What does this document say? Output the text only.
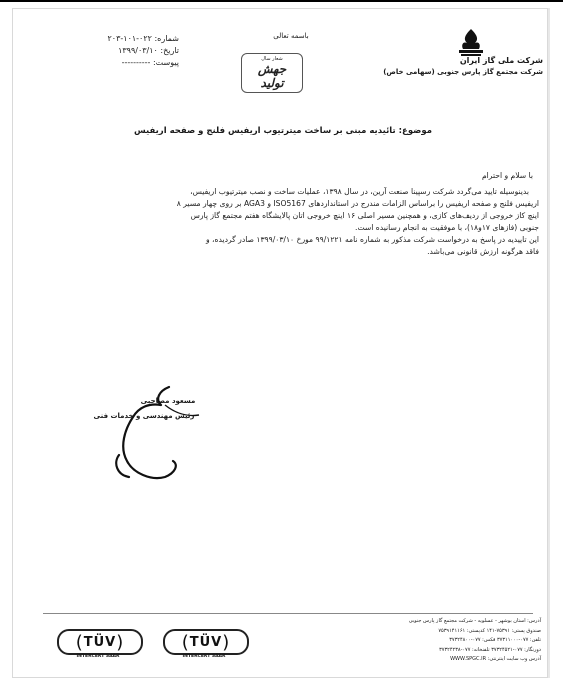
شماره: ۰۲۲-۱۰۱-۲۰۳
تاریخ: ۱۳۹۹/۰۳/۱۰
پیوست: ----------
باسمه تعالی
شعار سال
جهش تولید
شرکت ملی گاز ایران
شرکت مجتمع گاز پارس جنوبی (سهامی خاص)
موضوع: تائیدیه مبنی بر ساخت میترتیوب اریفیس فلنج و صفحه اریفیس
با سلام و احترام
بدینوسیله تایید می‌گردد شرکت رسپینا صنعت آرین، در سال ۱۳۹۸، عملیات ساخت و نصب میترتیوب اریفیس،
اریفیس فلنج و صفحه اریفیس را براساس الزامات مندرج در استانداردهای ISO5167 و AGA3 بر روی چهار مسیر ۸
اینچ کاز خروجی از ردیف‌های کازی، و همچنین مسیر اصلی ۱۶ اینچ خروجی اتان پالایشگاه هفتم مجتمع گاز پارس
جنوبی (فازهای ۱۷و۱۸)، با موفقیت به انجام رسانیده است.
این تاییدیه در پاسخ به درخواست شرکت مذکور به شماره نامه ۹۹/۱۲۲۱ مورخ ۱۳۹۹/۰۳/۱۰ صادر گردیده، و
فاقد هرگونه ارزش قانونی می‌باشد.
مسعود مصاحبی
رئیس مهندسی و خدمات فنی
( TÜV )
INTERCERT SAAR
( TÜV )
INTERCERT SAAR
آدرس: استان بوشهر - عسلویه - شرکت مجتمع گاز پارس جنوبی
صندوق پستی: ۷۵۳۹۱-۱۴۱ کدپستی: ۷۵۳۹۱۴۱۱۶۱
تلفن: ۰۷۷-۳۷۳۱۱۰۰۰ فکس: ۰۷۷-۳۷۳۲۴۸۰۰
دورنگار: ۰۷۷-۳۷۳۲۴۵۲۱ تلفنخانه: ۰۷۷-۳۷۳۲۴۲۳۸
آدرس وب سایت اینترنتی: WWW.SPGC.IR
